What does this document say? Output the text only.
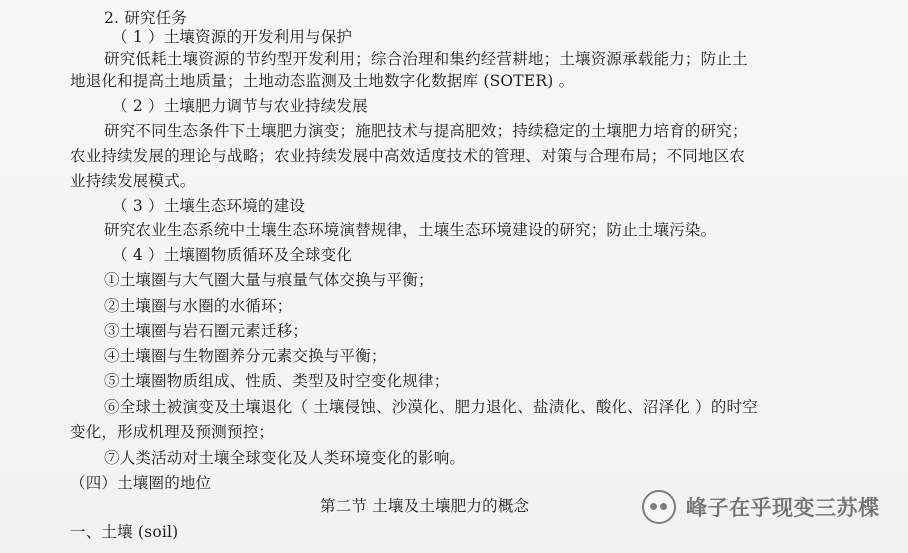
2. 研究任务
（ 1 ）土壤资源的开发利用与保护
研究低耗土壤资源的节约型开发利用；综合治理和集约经营耕地；土壤资源承载能力；防止土
地退化和提高土地质量；土地动态监测及土地数字化数据库 (SOTER) 。
（ 2 ）土壤肥力调节与农业持续发展
研究不同生态条件下土壤肥力演变；施肥技术与提高肥效；持续稳定的土壤肥力培育的研究；
农业持续发展的理论与战略；农业持续发展中高效适度技术的管理、对策与合理布局；不同地区农
业持续发展模式。
（ 3 ）土壤生态环境的建设
研究农业生态系统中土壤生态环境演替规律，土壤生态环境建设的研究；防止土壤污染。
（ 4 ）土壤圈物质循环及全球变化
①土壤圈与大气圈大量与痕量气体交换与平衡；
②土壤圈与水圈的水循环；
③土壤圈与岩石圈元素迁移；
④土壤圈与生物圈养分元素交换与平衡；
⑤土壤圈物质组成、性质、类型及时空变化规律；
⑥全球土被演变及土壤退化（ 土壤侵蚀、沙漠化、肥力退化、盐渍化、酸化、沼泽化 ）的时空
变化，形成机理及预测预控；
⑦人类活动对土壤全球变化及人类环境变化的影响。
（四）土壤圈的地位
第二节 土壤及土壤肥力的概念
一、土壤 (soil)
峰子在乎现变三苏楪
